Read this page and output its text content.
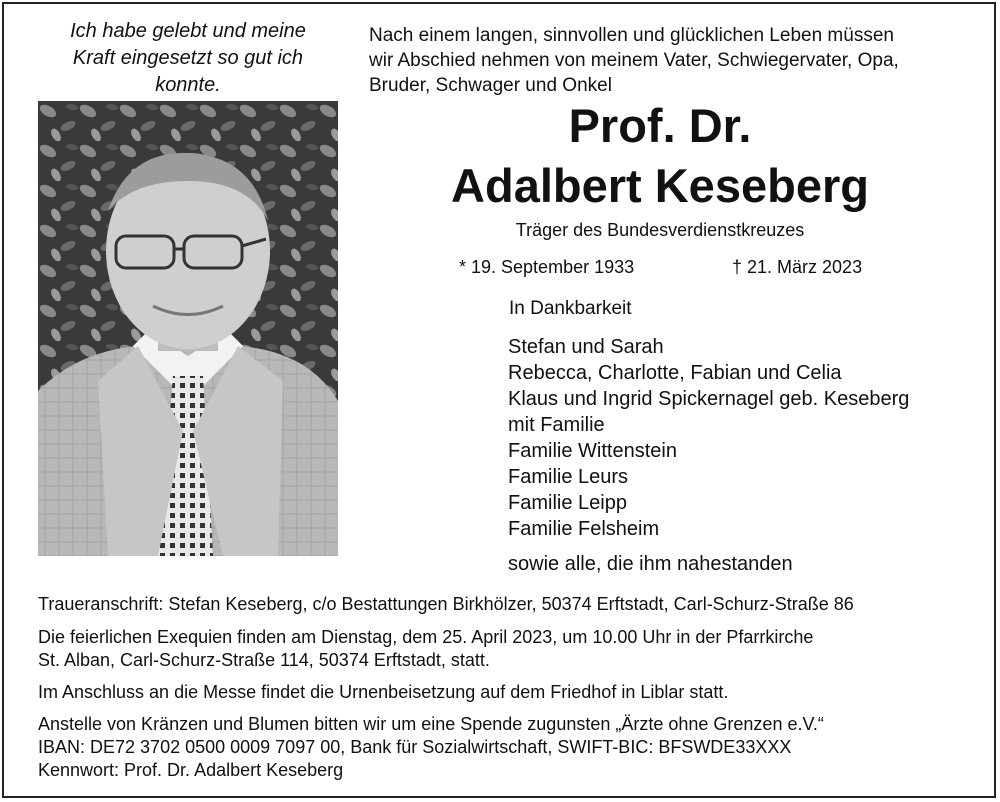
Ich habe gelebt und meine
Kraft eingesetzt so gut ich
konnte.
Nach einem langen, sinnvollen und glücklichen Leben müssen
wir Abschied nehmen von meinem Vater, Schwiegervater, Opa,
Bruder, Schwager und Onkel
Prof. Dr.
Adalbert Keseberg
Träger des Bundesverdienstkreuzes
* 19. September 1933	† 21. März 2023
In Dankbarkeit
Stefan und Sarah
Rebecca, Charlotte, Fabian und Celia
Klaus und Ingrid Spickernagel geb. Keseberg
mit Familie
Familie Wittenstein
Familie Leurs
Familie Leipp
Familie Felsheim
sowie alle, die ihm nahestanden
Traueranschrift: Stefan Keseberg, c/o Bestattungen Birkhölzer, 50374 Erftstadt, Carl-Schurz-Straße 86
Die feierlichen Exequien finden am Dienstag, dem 25. April 2023, um 10.00 Uhr in der Pfarrkirche
St. Alban, Carl-Schurz-Straße 114, 50374 Erftstadt, statt.
Im Anschluss an die Messe findet die Urnenbeisetzung auf dem Friedhof in Liblar statt.
Anstelle von Kränzen und Blumen bitten wir um eine Spende zugunsten „Ärzte ohne Grenzen e.V.“
IBAN: DE72 3702 0500 0009 7097 00, Bank für Sozialwirtschaft, SWIFT-BIC: BFSWDE33XXX
Kennwort: Prof. Dr. Adalbert Keseberg
